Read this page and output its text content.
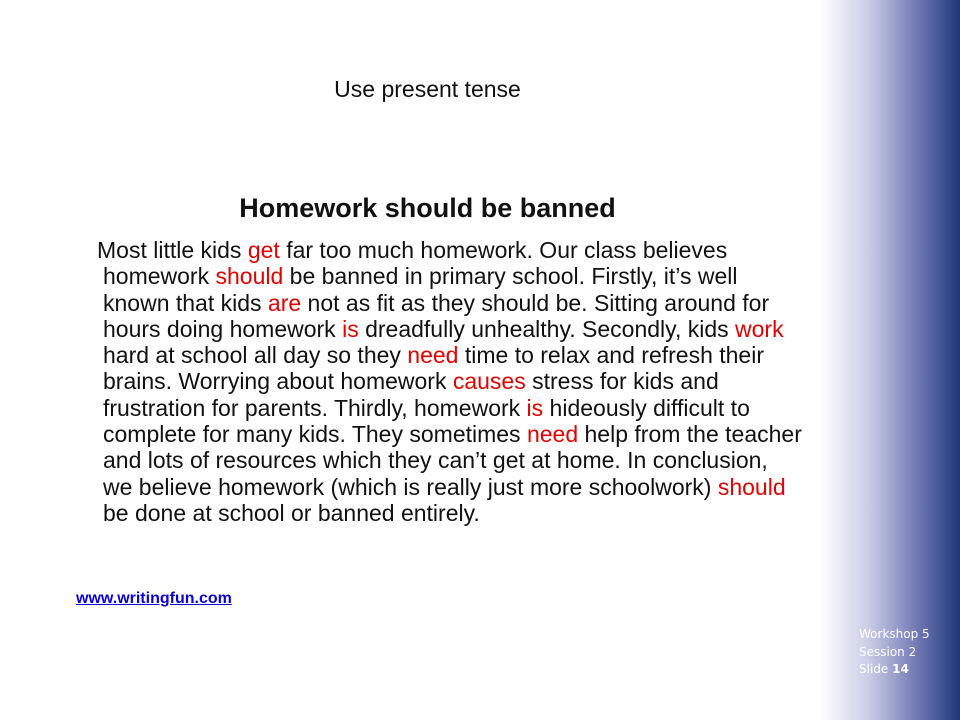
Use present tense
Homework should be banned
Most little kids get far too much homework. Our class believes homework should be banned in primary school. Firstly, it’s well known that kids are not as fit as they should be. Sitting around for hours doing homework is dreadfully unhealthy. Secondly, kids work hard at school all day so they need time to relax and refresh their brains. Worrying about homework causes stress for kids and frustration for parents. Thirdly, homework is hideously difficult to complete for many kids. They sometimes need help from the teacher and lots of resources which they can’t get at home. In conclusion, we believe homework (which is really just more schoolwork) should be done at school or banned entirely.
www.writingfun.com
Workshop 5
Session 2
Slide 14
